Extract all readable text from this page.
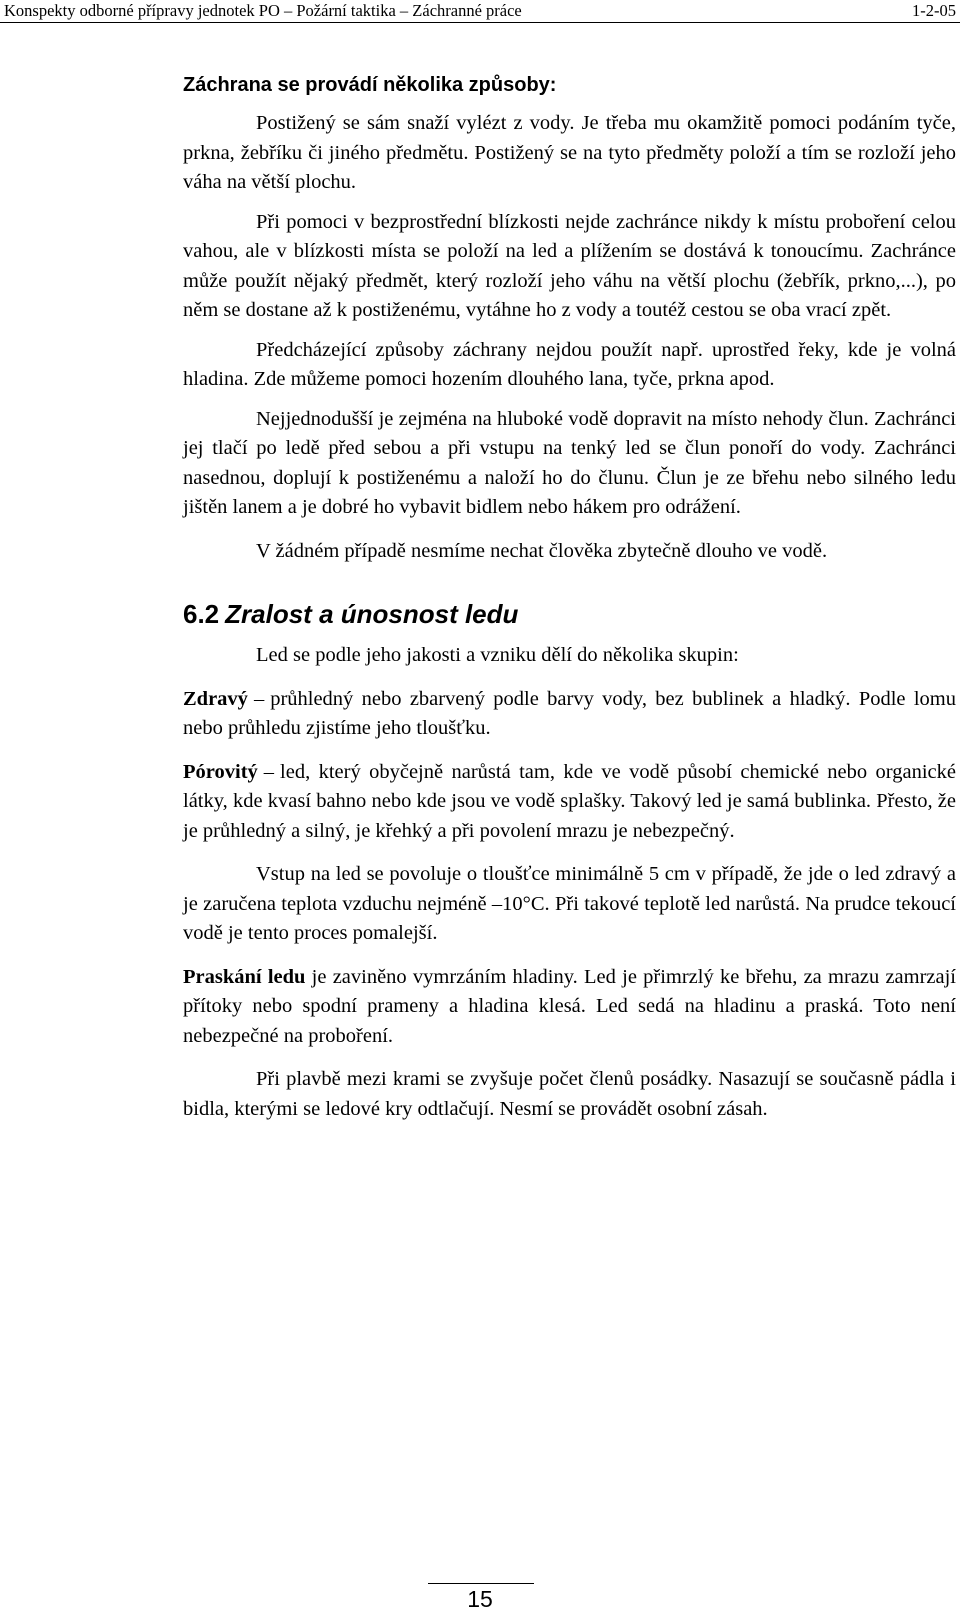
Konspekty odborné přípravy jednotek PO – Požární taktika – Záchranné práce	1-2-05
Záchrana se provádí několika způsoby:

Postižený se sám snaží vylézt z vody. Je třeba mu okamžitě pomoci podáním tyče, prkna, žebříku či jiného předmětu. Postižený se na tyto předměty položí a tím se rozloží jeho váha na větší plochu.

Při pomoci v bezprostřední blízkosti nejde zachránce nikdy k místu proboření celou vahou, ale v blízkosti místa se položí na led a plížením se dostává k tonoucímu. Zachránce může použít nějaký předmět, který rozloží jeho váhu na větší plochu (žebřík, prkno,...), po něm se dostane až k postiženému, vytáhne ho z vody a toutéž cestou se oba vrací zpět.

Předcházející způsoby záchrany nejdou použít např. uprostřed řeky, kde je volná hladina. Zde můžeme pomoci hozením dlouhého lana, tyče, prkna apod.

Nejjednodušší je zejména na hluboké vodě dopravit na místo nehody člun. Zachránci jej tlačí po ledě před sebou a při vstupu na tenký led se člun ponoří do vody. Zachránci nasednou, doplují k postiženému a naloží ho do člunu. Člun je ze břehu nebo silného ledu jištěn lanem a je dobré ho vybavit bidlem nebo hákem pro odrážení.

V žádném případě nesmíme nechat člověka zbytečně dlouho ve vodě.

6.2 Zralost a únosnost ledu

Led se podle jeho jakosti a vzniku dělí do několika skupin:

Zdravý – průhledný nebo zbarvený podle barvy vody, bez bublinek a hladký. Podle lomu nebo průhledu zjistíme jeho tloušťku.

Pórovitý – led, který obyčejně narůstá tam, kde ve vodě působí chemické nebo organické látky, kde kvasí bahno nebo kde jsou ve vodě splašky. Takový led je samá bublinka. Přesto, že je průhledný a silný, je křehký a při povolení mrazu je nebezpečný.

Vstup na led se povoluje o tloušťce minimálně 5 cm v případě, že jde o led zdravý a je zaručena teplota vzduchu nejméně –10°C. Při takové teplotě led narůstá. Na prudce tekoucí vodě je tento proces pomalejší.

Praskání ledu je zaviněno vymrzáním hladiny. Led je přimrzlý ke břehu, za mrazu zamrzají přítoky nebo spodní prameny a hladina klesá. Led sedá na hladinu a praská. Toto není nebezpečné na proboření.

Při plavbě mezi krami se zvyšuje počet členů posádky. Nasazují se současně pádla i bidla, kterými se ledové kry odtlačují. Nesmí se provádět osobní zásah.

15
